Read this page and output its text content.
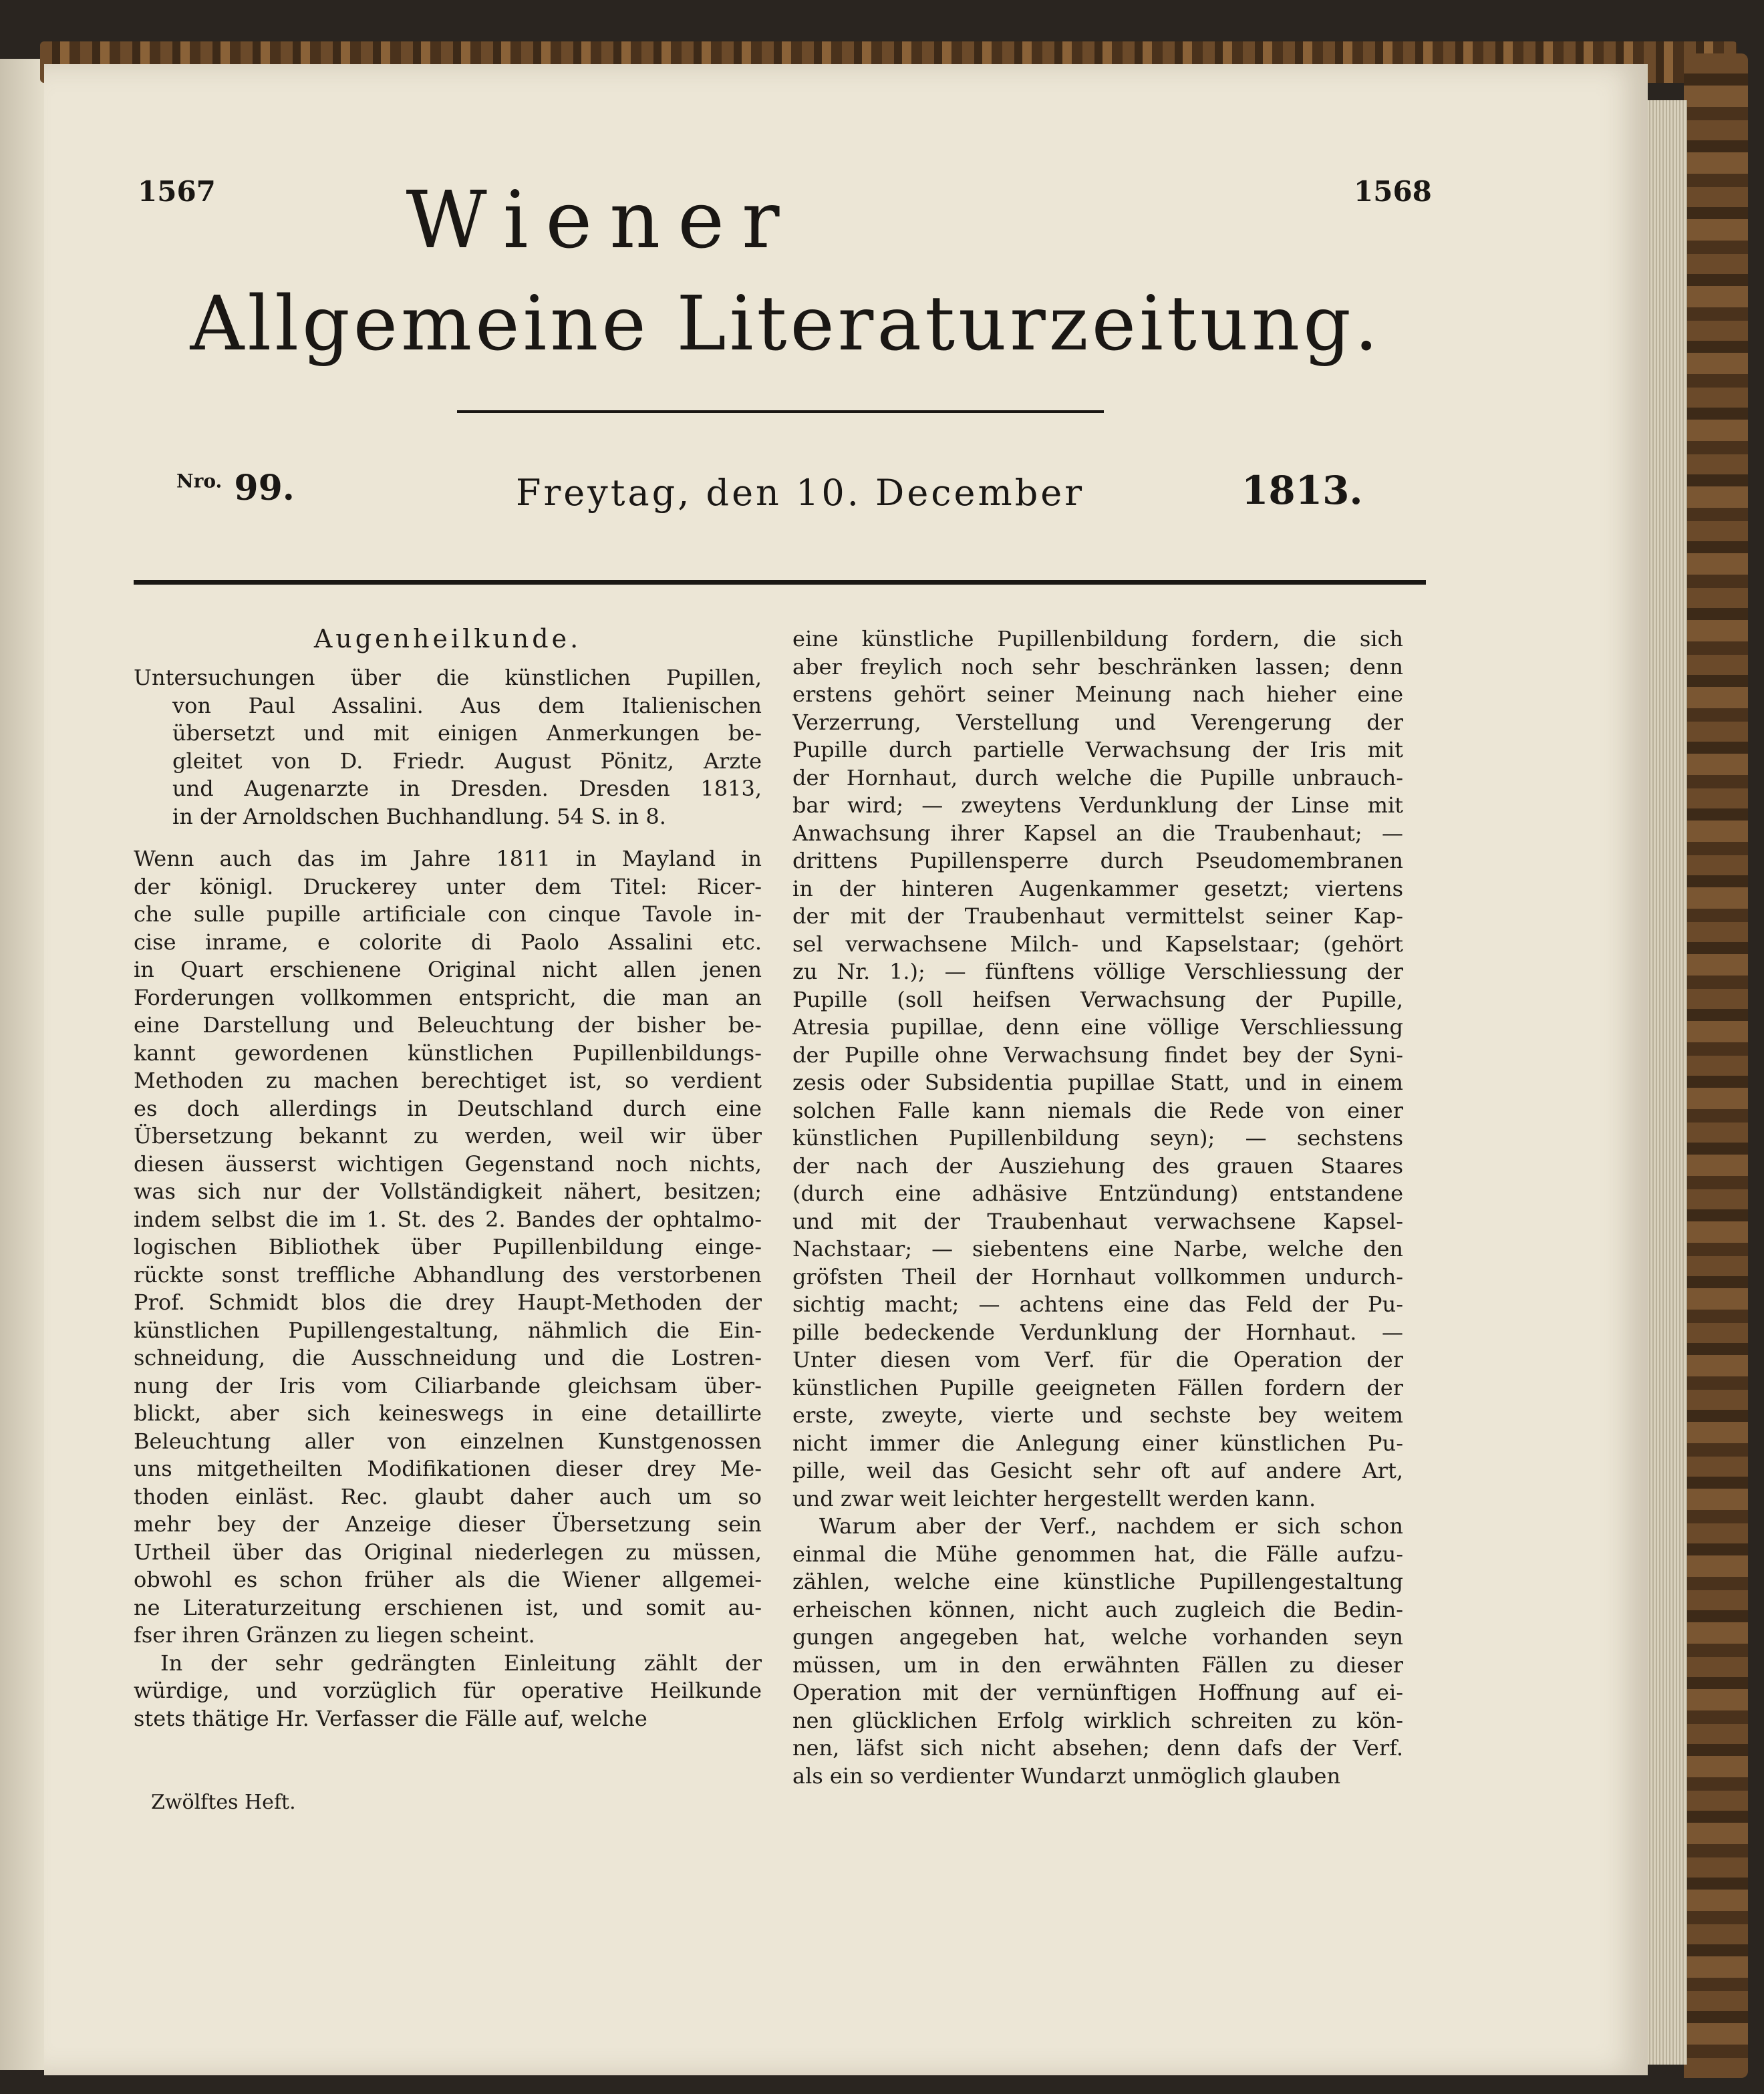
1567	1568
Wiener
Allgemeine Literaturzeitung.
$^{Nro.}$ 99.	Freytag, den 10. December	1813.
Augenheilkunde.
Untersuchungen über die künstlichen Pupillen,
von Paul Assalini. Aus dem Italienischen
übersetzt und mit einigen Anmerkungen be-
gleitet von D. Friedr. August Pönitz, Arzte
und Augenarzte in Dresden. Dresden 1813,
in der Arnoldschen Buchhandlung. 54 S. in 8.
Wenn auch das im Jahre 1811 in Mayland in
der königl. Druckerey unter dem Titel: Ricer-
che sulle pupille artificiale con cinque Tavole in-
cise inrame, e colorite di Paolo Assalini etc.
in Quart erschienene Original nicht allen jenen
Forderungen vollkommen entspricht, die man an
eine Darstellung und Beleuchtung der bisher be-
kannt gewordenen künstlichen Pupillenbildungs-
Methoden zu machen berechtiget ist, so verdient
es doch allerdings in Deutschland durch eine
Übersetzung bekannt zu werden, weil wir über
diesen äusserst wichtigen Gegenstand noch nichts,
was sich nur der Vollständigkeit nähert, besitzen;
indem selbst die im 1. St. des 2. Bandes der ophtalmo-
logischen Bibliothek über Pupillenbildung einge-
rückte sonst treffliche Abhandlung des verstorbenen
Prof. Schmidt blos die drey Haupt-Methoden der
künstlichen Pupillengestaltung, nähmlich die Ein-
schneidung, die Ausschneidung und die Lostren-
nung der Iris vom Ciliarbande gleichsam über-
blickt, aber sich keineswegs in eine detaillirte
Beleuchtung aller von einzelnen Kunstgenossen
uns mitgetheilten Modifikationen dieser drey Me-
thoden einläst. Rec. glaubt daher auch um so
mehr bey der Anzeige dieser Übersetzung sein
Urtheil über das Original niederlegen zu müssen,
obwohl es schon früher als die Wiener allgemei-
ne Literaturzeitung erschienen ist, und somit au-
fser ihren Gränzen zu liegen scheint.
In der sehr gedrängten Einleitung zählt der
würdige, und vorzüglich für operative Heilkunde
stets thätige Hr. Verfasser die Fälle auf, welche
Zwölftes Heft.
eine künstliche Pupillenbildung fordern, die sich
aber freylich noch sehr beschränken lassen; denn
erstens gehört seiner Meinung nach hieher eine
Verzerrung, Verstellung und Verengerung der
Pupille durch partielle Verwachsung der Iris mit
der Hornhaut, durch welche die Pupille unbrauch-
bar wird; — zweytens Verdunklung der Linse mit
Anwachsung ihrer Kapsel an die Traubenhaut; —
drittens Pupillensperre durch Pseudomembranen
in der hinteren Augenkammer gesetzt; viertens
der mit der Traubenhaut vermittelst seiner Kap-
sel verwachsene Milch- und Kapselstaar; (gehört
zu Nr. 1.); — fünftens völlige Verschliessung der
Pupille (soll heifsen Verwachsung der Pupille,
Atresia pupillae, denn eine völlige Verschliessung
der Pupille ohne Verwachsung findet bey der Syni-
zesis oder Subsidentia pupillae Statt, und in einem
solchen Falle kann niemals die Rede von einer
künstlichen Pupillenbildung seyn); — sechstens
der nach der Ausziehung des grauen Staares
(durch eine adhäsive Entzündung) entstandene
und mit der Traubenhaut verwachsene Kapsel-
Nachstaar; — siebentens eine Narbe, welche den
gröfsten Theil der Hornhaut vollkommen undurch-
sichtig macht; — achtens eine das Feld der Pu-
pille bedeckende Verdunklung der Hornhaut. —
Unter diesen vom Verf. für die Operation der
künstlichen Pupille geeigneten Fällen fordern der
erste, zweyte, vierte und sechste bey weitem
nicht immer die Anlegung einer künstlichen Pu-
pille, weil das Gesicht sehr oft auf andere Art,
und zwar weit leichter hergestellt werden kann.
Warum aber der Verf., nachdem er sich schon
einmal die Mühe genommen hat, die Fälle aufzu-
zählen, welche eine künstliche Pupillengestaltung
erheischen können, nicht auch zugleich die Bedin-
gungen angegeben hat, welche vorhanden seyn
müssen, um in den erwähnten Fällen zu dieser
Operation mit der vernünftigen Hoffnung auf ei-
nen glücklichen Erfolg wirklich schreiten zu kön-
nen, läfst sich nicht absehen; denn dafs der Verf.
als ein so verdienter Wundarzt unmöglich glauben
